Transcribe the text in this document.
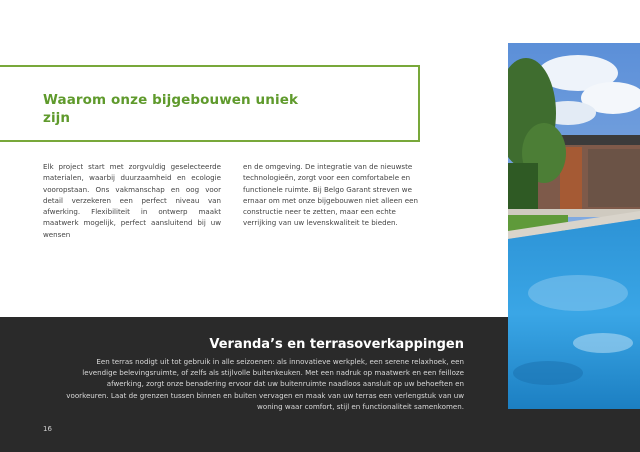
Waarom onze bijgebouwen uniek zijn

Elk project start met zorgvuldig geselecteerde materialen, waarbij duurzaamheid en ecologie vooropstaan. Ons vakmanschap en oog voor detail verzekeren een perfect niveau van afwerking. Flexibiliteit in ontwerp maakt maatwerk mogelijk, perfect aansluitend bij uw wensen

en de omgeving. De integratie van de nieuwste technologieën, zorgt voor een comfortabele en functionele ruimte. Bij Belgo Garant streven we ernaar om met onze bijgebouwen niet alleen een constructie neer te zetten, maar een echte verrijking van uw levenskwaliteit te bieden.

Veranda’s en terrasoverkappingen

Een terras nodigt uit tot gebruik in alle seizoenen: als innovatieve werkplek, een serene relaxhoek, een levendige belevingsruimte, of zelfs als stijlvolle buitenkeuken. Met een nadruk op maatwerk en een feilloze afwerking, zorgt onze benadering ervoor dat uw buitenruimte naadloos aansluit op uw behoeften en voorkeuren. Laat de grenzen tussen binnen en buiten vervagen en maak van uw terras een verlengstuk van uw woning waar comfort, stijl en functionaliteit samenkomen.

16
